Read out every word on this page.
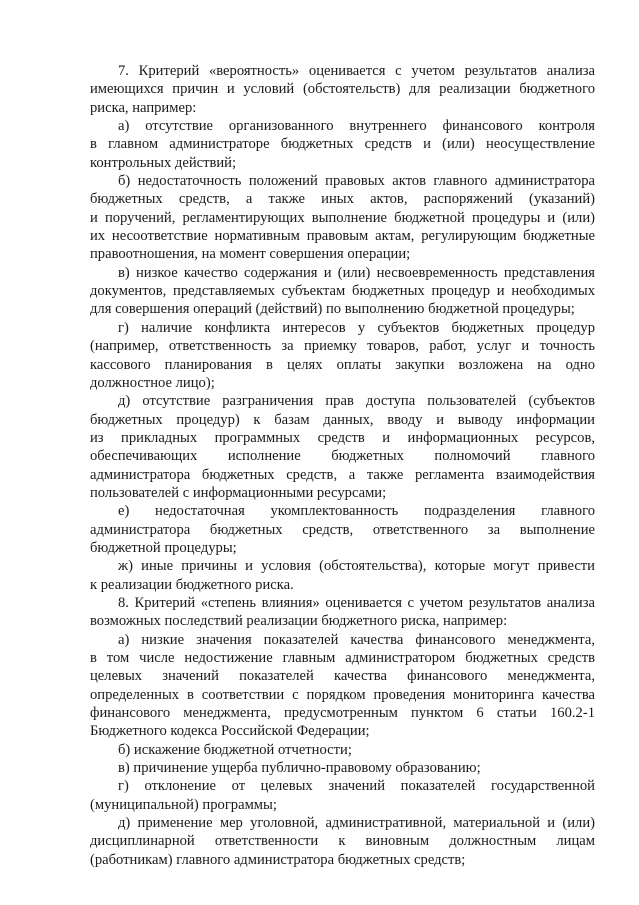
7. Критерий «вероятность» оценивается с учетом результатов анализа
имеющихся причин и условий (обстоятельств) для реализации бюджетного
риска, например:
а) отсутствие организованного внутреннего финансового контроля
в главном администраторе бюджетных средств и (или) неосуществление
контрольных действий;
б) недостаточность положений правовых актов главного администратора
бюджетных средств, а также иных актов, распоряжений (указаний)
и поручений, регламентирующих выполнение бюджетной процедуры и (или)
их несоответствие нормативным правовым актам, регулирующим бюджетные
правоотношения, на момент совершения операции;
в) низкое качество содержания и (или) несвоевременность представления
документов, представляемых субъектам бюджетных процедур и необходимых
для совершения операций (действий) по выполнению бюджетной процедуры;
г) наличие конфликта интересов у субъектов бюджетных процедур
(например, ответственность за приемку товаров, работ, услуг и точность
кассового планирования в целях оплаты закупки возложена на одно
должностное лицо);
д) отсутствие разграничения прав доступа пользователей (субъектов
бюджетных процедур) к базам данных, вводу и выводу информации
из прикладных программных средств и информационных ресурсов,
обеспечивающих исполнение бюджетных полномочий главного
администратора бюджетных средств, а также регламента взаимодействия
пользователей с информационными ресурсами;
е) недостаточная укомплектованность подразделения главного
администратора бюджетных средств, ответственного за выполнение
бюджетной процедуры;
ж) иные причины и условия (обстоятельства), которые могут привести
к реализации бюджетного риска.
8. Критерий «степень влияния» оценивается с учетом результатов анализа
возможных последствий реализации бюджетного риска, например:
а) низкие значения показателей качества финансового менеджмента,
в том числе недостижение главным администратором бюджетных средств
целевых значений показателей качества финансового менеджмента,
определенных в соответствии с порядком проведения мониторинга качества
финансового менеджмента, предусмотренным пунктом 6 статьи 160.2-1
Бюджетного кодекса Российской Федерации;
б) искажение бюджетной отчетности;
в) причинение ущерба публично-правовому образованию;
г) отклонение от целевых значений показателей государственной
(муниципальной) программы;
д) применение мер уголовной, административной, материальной и (или)
дисциплинарной ответственности к виновным должностным лицам
(работникам) главного администратора бюджетных средств;
